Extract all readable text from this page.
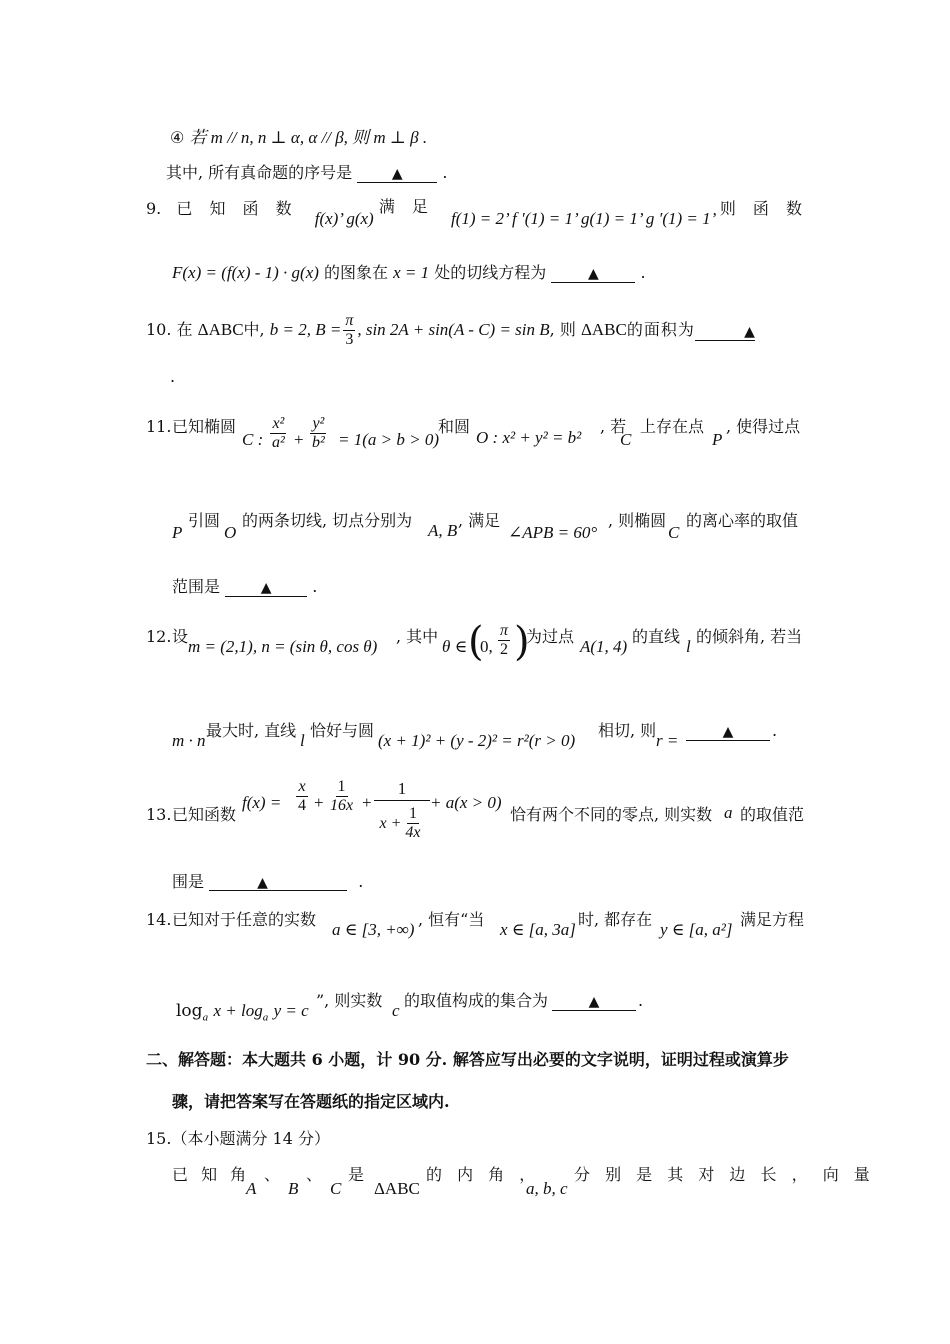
④ 若 m // n, n ⊥ α, α // β, 则 m ⊥ β .
其中, 所有真命题的序号是	▲ .
9. 已 知 函 数 f(x)’ g(x) 满 足 f(1) = 2’ f ′(1) = 1’ g(1) = 1’ g ′(1) = 1’
则 函 数
F(x) = (f(x) - 1) · g(x) 的图象在 x = 1 处的切线方程为	▲	.
10.
在
ΔABC 中,
b = 2, $B = \frac{\pi}{3}$ , sin 2A + sin(A - C) = sin B , 则
ΔABC 的面积为	▲
.
11. 已知椭圆
C : $\frac{\text{x²}}{\text{a²}} + \frac{\text{y²}}{\text{b²}} = 1(a > b > 0)$
和圆
O : x² + y² = b²
, 若
C
上存在点
P
, 使得过点
P
引圆
O
的两条切线, 切点分别为
A, B
, 满足
∠APB = 60°
, 则椭圆
C
的离心率的取值
范围是	▲	.
12. 设
m = (2,1), n = (sin θ, cos θ)
, 其中
θ ∈ (
0, $\frac{\pi}{2}$ )
为过点
A(1, 4)
的直线
l
的倾斜角, 若当
m · n
最大时, 直线
l
恰好与圆
(x + 1)² + (y - 2)² = r²(r > 0)
相切, 则
r =	▲	.
13. 已知函数
$f(x) = \frac{x}{4} + \frac{1}{16x}$ +
1
$x + \frac{1}{4x}$
+ a(x > 0)
恰有两个不同的零点, 则实数 a 的取值范
围是	▲	.
14. 已知对于任意的实数
a ∈ [3, +∞)
, 恒有“当
x ∈ [a, 3a]
时, 都存在
y ∈ [a, a²]
满足方程
$\log_a x + \log_a y = c$
”, 则实数
c
的取值构成的集合为	▲	.
二、解答题：本大题共 6 小题，计 90 分. 解答应写出必要的文字说明，证明过程或演算步
骤，请把答案写在答题纸的指定区域内.
15.（本小题满分 14 分）
已 知 角
A
、
B
、
C
是
ΔABC
的 内 角 ，
a, b, c
分 别 是 其 对 边 长 ， 向 量
